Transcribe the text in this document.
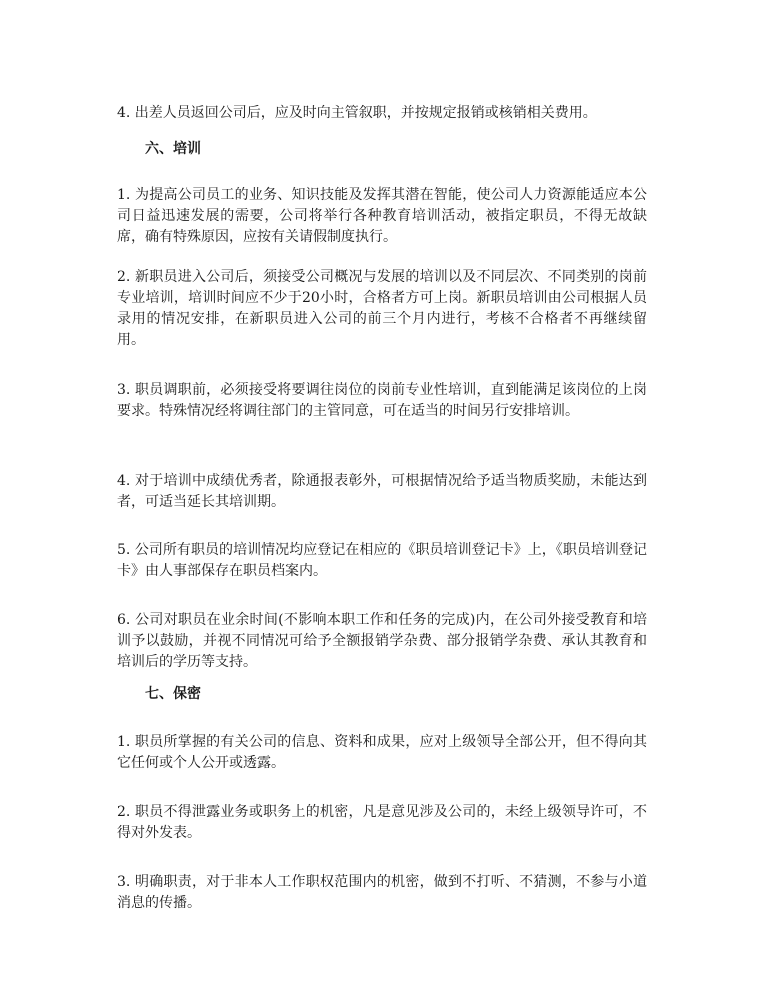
4. 出差人员返回公司后，应及时向主管叙职，并按规定报销或核销相关费用。

六、培训

1. 为提高公司员工的业务、知识技能及发挥其潜在智能，使公司人力资源能适应本公司日益迅速发展的需要，公司将举行各种教育培训活动，被指定职员，不得无故缺席，确有特殊原因，应按有关请假制度执行。

2. 新职员进入公司后，须接受公司概况与发展的培训以及不同层次、不同类别的岗前专业培训，培训时间应不少于20小时，合格者方可上岗。新职员培训由公司根据人员录用的情况安排，在新职员进入公司的前三个月内进行，考核不合格者不再继续留用。

3. 职员调职前，必须接受将要调往岗位的岗前专业性培训，直到能满足该岗位的上岗要求。特殊情况经将调往部门的主管同意，可在适当的时间另行安排培训。

4. 对于培训中成绩优秀者，除通报表彰外，可根据情况给予适当物质奖励，未能达到者，可适当延长其培训期。

5. 公司所有职员的培训情况均应登记在相应的《职员培训登记卡》上，《职员培训登记卡》由人事部保存在职员档案内。

6. 公司对职员在业余时间(不影响本职工作和任务的完成)内，在公司外接受教育和培训予以鼓励，并视不同情况可给予全额报销学杂费、部分报销学杂费、承认其教育和培训后的学历等支持。

七、保密

1. 职员所掌握的有关公司的信息、资料和成果，应对上级领导全部公开，但不得向其它任何或个人公开或透露。

2. 职员不得泄露业务或职务上的机密，凡是意见涉及公司的，未经上级领导许可，不得对外发表。

3. 明确职责，对于非本人工作职权范围内的机密，做到不打听、不猜测，不参与小道消息的传播。
